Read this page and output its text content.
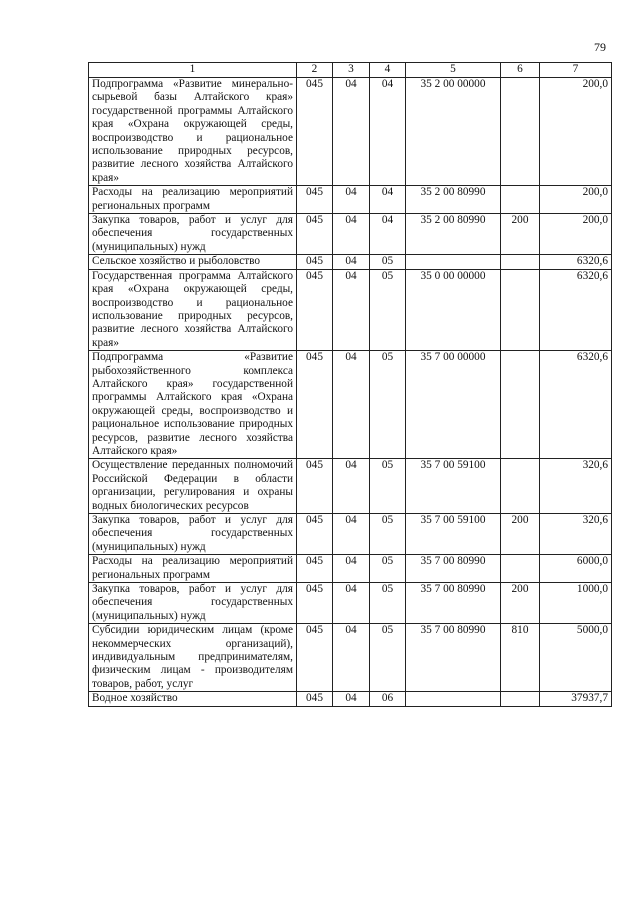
79
1	2	3	4	5	6	7
Подпрограмма «Развитие минерально-сырьевой базы Алтайского края» государственной программы Алтайского края «Охрана окружающей среды, воспроизводство и рациональное использование природных ресурсов, развитие лесного хозяйства Алтайского края»	045	04	04	35 2 00 00000		200,0
Расходы на реализацию мероприятий региональных программ	045	04	04	35 2 00 80990		200,0
Закупка товаров, работ и услуг для обеспечения государственных (муниципальных) нужд	045	04	04	35 2 00 80990	200	200,0
Сельское хозяйство и рыболовство	045	04	05			6320,6
Государственная программа Алтайского края «Охрана окружающей среды, воспроизводство и рациональное использование природных ресурсов, развитие лесного хозяйства Алтайского края»	045	04	05	35 0 00 00000		6320,6
Подпрограмма «Развитие рыбохозяйственного комплекса Алтайского края» государственной программы Алтайского края «Охрана окружающей среды, воспроизводство и рациональное использование природных ресурсов, развитие лесного хозяйства Алтайского края»	045	04	05	35 7 00 00000		6320,6
Осуществление переданных полномочий Российской Федерации в области организации, регулирования и охраны водных биологических ресурсов	045	04	05	35 7 00 59100		320,6
Закупка товаров, работ и услуг для обеспечения государственных (муниципальных) нужд	045	04	05	35 7 00 59100	200	320,6
Расходы на реализацию мероприятий региональных программ	045	04	05	35 7 00 80990		6000,0
Закупка товаров, работ и услуг для обеспечения государственных (муниципальных) нужд	045	04	05	35 7 00 80990	200	1000,0
Субсидии юридическим лицам (кроме некоммерческих организаций), индивидуальным предпринимателям, физическим лицам - производителям товаров, работ, услуг	045	04	05	35 7 00 80990	810	5000,0
Водное хозяйство	045	04	06			37937,7
